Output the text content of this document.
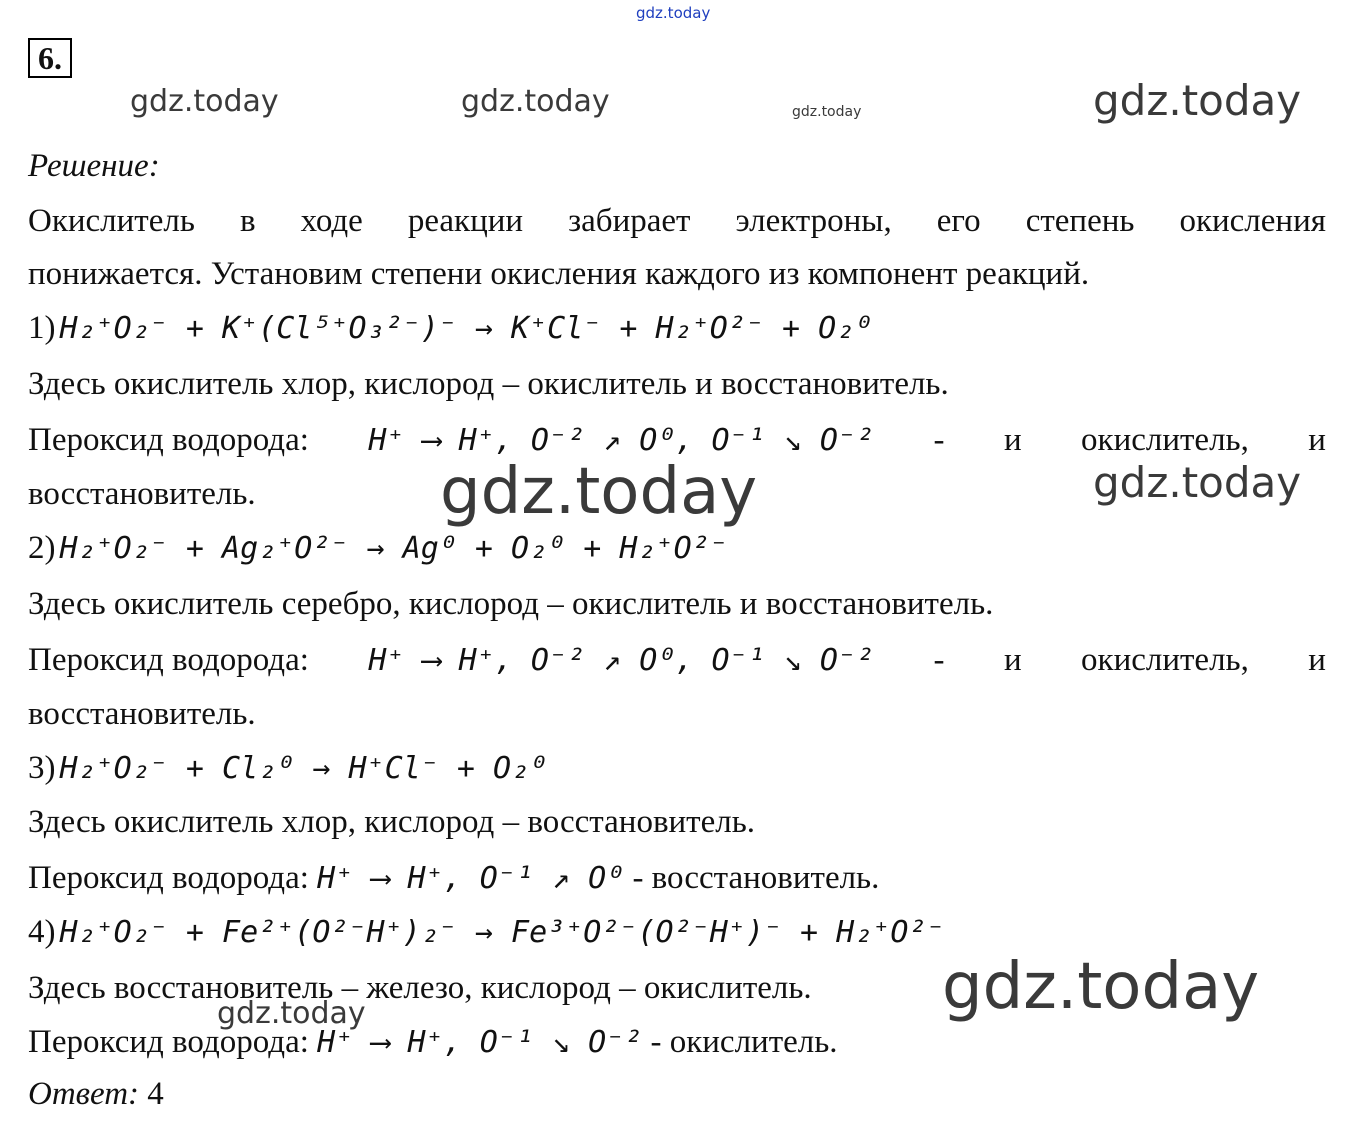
gdz.today
gdz.today	gdz.today	gdz.today	gdz.today
6.
Решение:
Окислитель в ходе реакции забирает электроны, его степень окисления
понижается. Установим степени окисления каждого из компонент реакций.
1) H₂⁺O₂⁻ + K⁺(Cl⁵⁺O₃²⁻)⁻ → K⁺Cl⁻ + H₂⁺O²⁻ + O₂⁰
Здесь окислитель хлор, кислород – окислитель и восстановитель.
Пероксид водорода: H⁺ ⟶ H⁺, O⁻² ↗ O⁰, O⁻¹ ↘ O⁻² - и окислитель, и
восстановитель.	gdz.today	gdz.today
2) H₂⁺O₂⁻ + Ag₂⁺O²⁻ → Ag⁰ + O₂⁰ + H₂⁺O²⁻
Здесь окислитель серебро, кислород – окислитель и восстановитель.
Пероксид водорода: H⁺ ⟶ H⁺, O⁻² ↗ O⁰, O⁻¹ ↘ O⁻² - и окислитель, и
восстановитель.
3) H₂⁺O₂⁻ + Cl₂⁰ → H⁺Cl⁻ + O₂⁰
Здесь окислитель хлор, кислород – восстановитель.
Пероксид водорода: H⁺ ⟶ H⁺, O⁻¹ ↗ O⁰ - восстановитель.
4) H₂⁺O₂⁻ + Fe²⁺(O²⁻H⁺)₂⁻ → Fe³⁺O²⁻(O²⁻H⁺)⁻ + H₂⁺O²⁻
Здесь восстановитель – железо, кислород – окислитель. gdz.today
gdz.today
Пероксид водорода: H⁺ ⟶ H⁺, O⁻¹ ↘ O⁻² - окислитель.
Ответ: 4
